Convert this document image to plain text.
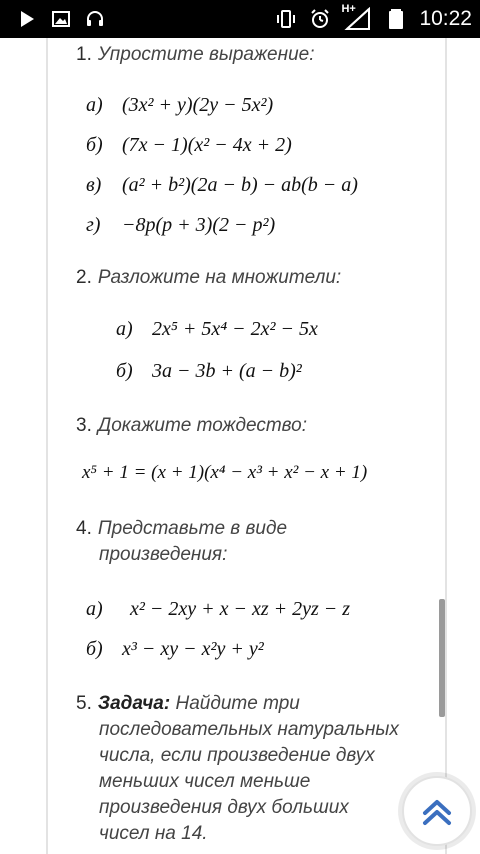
H+	10:22
1. Упростите выражение:
а) (3x² + y)(2y − 5x²)
б) (7x − 1)(x² − 4x + 2)
в) (a² + b²)(2a − b) − ab(b − a)
г) −8p(p + 3)(2 − p²)
2. Разложите на множители:
а) 2x⁵ + 5x⁴ − 2x² − 5x
б) 3a − 3b + (a − b)²
3. Докажите тождество:
x⁵ + 1 = (x + 1)(x⁴ − x³ + x² − x + 1)
4. Представьте в виде
произведения:
а) x² − 2xy + x − xz + 2yz − z
б) x³ − xy − x²y + y²
5. Задача: Найдите три
последовательных натуральных
числа, если произведение двух
меньших чисел меньше
произведения двух больших
чисел на 14.
